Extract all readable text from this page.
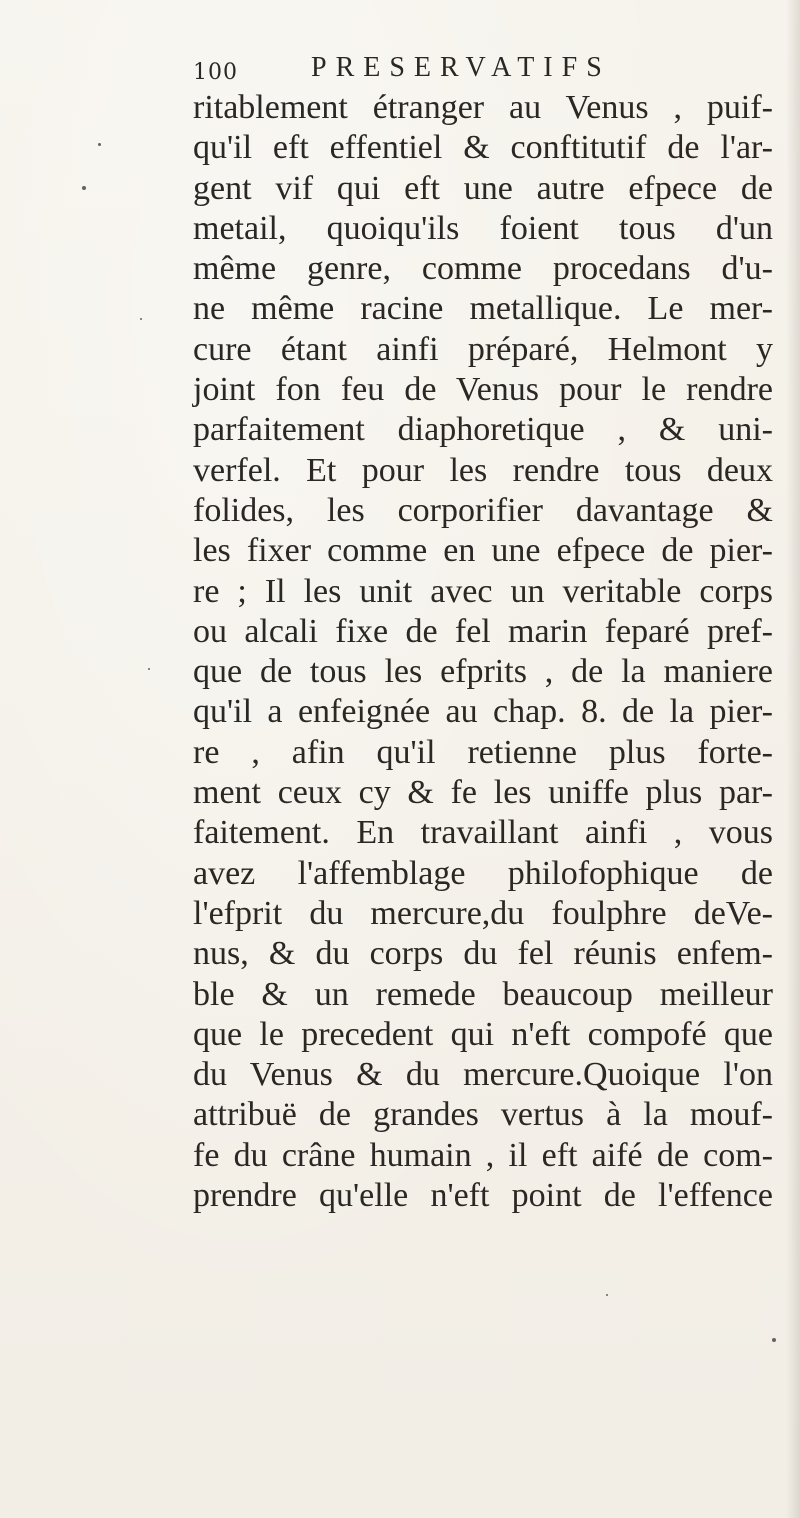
100	PRESERVATIFS
ritablement étranger au Venus , puif-
qu'il eft effentiel & conftitutif de l'ar-
gent vif qui eft une autre efpece de
metail, quoiqu'ils foient tous d'un
même genre, comme procedans d'u-
ne même racine metallique. Le mer-
cure étant ainfi préparé, Helmont y
joint fon feu de Venus pour le rendre
parfaitement diaphoretique , & uni-
verfel. Et pour les rendre tous deux
folides, les corporifier davantage &
les fixer comme en une efpece de pier-
re ; Il les unit avec un veritable corps
ou alcali fixe de fel marin feparé pref-
que de tous les efprits , de la maniere
qu'il a enfeignée au chap. 8. de la pier-
re , afin qu'il retienne plus forte-
ment ceux cy & fe les uniffe plus par-
faitement. En travaillant ainfi , vous
avez l'affemblage philofophique de
l'efprit du mercure,du foulphre deVe-
nus, & du corps du fel réunis enfem-
ble & un remede beaucoup meilleur
que le precedent qui n'eft compofé que
du Venus & du mercure.Quoique l'on
attribuë de grandes vertus à la mouf-
fe du crâne humain , il eft aifé de com-
prendre qu'elle n'eft point de l'effence
